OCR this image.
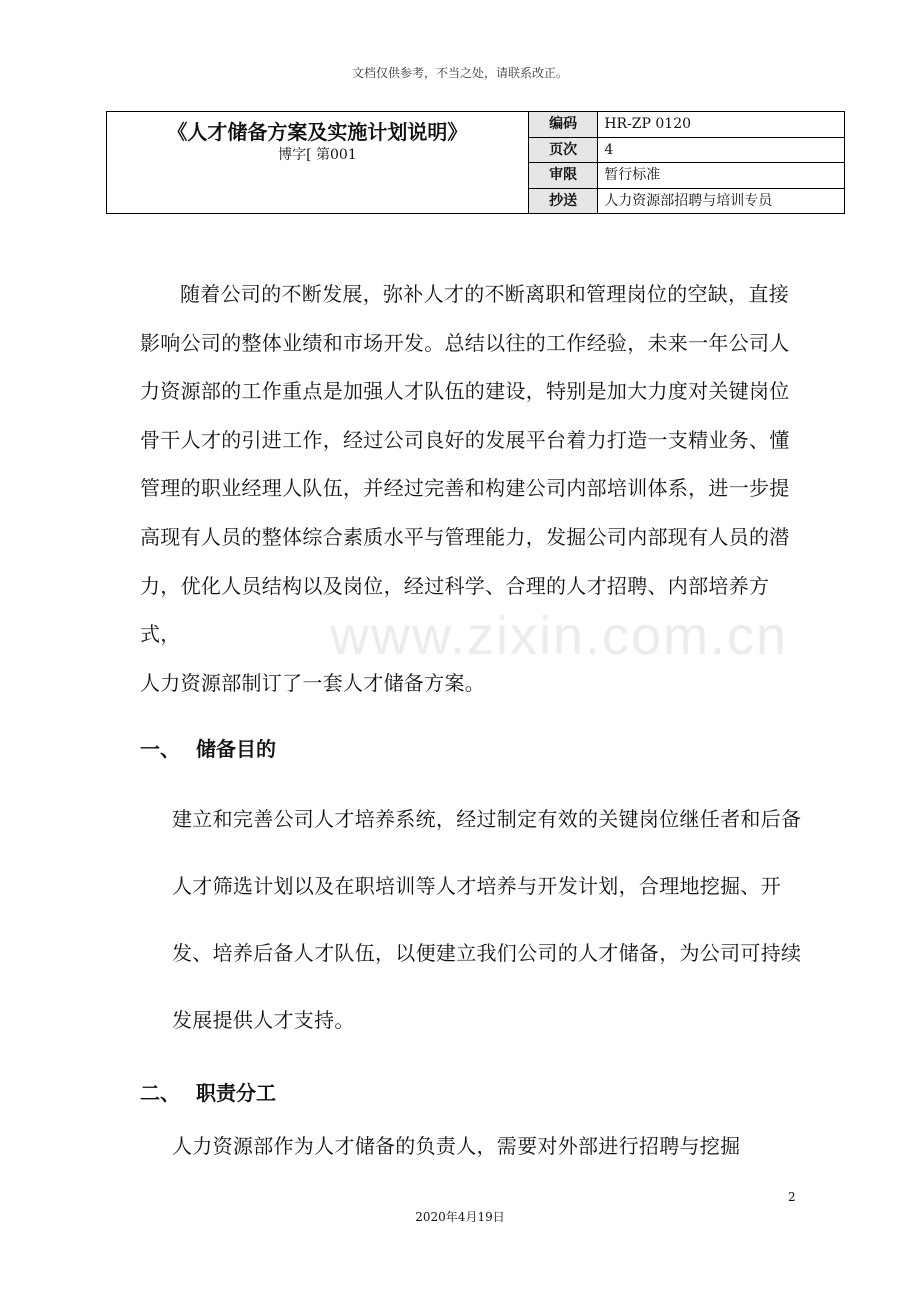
文档仅供参考，不当之处，请联系改正。
《人才储备方案及实施计划说明》
博字[ 第001	编码	HR-ZP 0120
	页次	4
	审限	暂行标准
	抄送	人力资源部招聘与培训专员
www.zixin.com.cn

随着公司的不断发展，弥补人才的不断离职和管理岗位的空缺，直接影响公司的整体业绩和市场开发。总结以往的工作经验，未来一年公司人力资源部的工作重点是加强人才队伍的建设，特别是加大力度对关键岗位骨干人才的引进工作，经过公司良好的发展平台着力打造一支精业务、懂管理的职业经理人队伍，并经过完善和构建公司内部培训体系，进一步提高现有人员的整体综合素质水平与管理能力，发掘公司内部现有人员的潜力，优化人员结构以及岗位，经过科学、合理的人才招聘、内部培养方式，

人力资源部制订了一套人才储备方案。
一、 储备目的
建立和完善公司人才培养系统，经过制定有效的关键岗位继任者和后备人才筛选计划以及在职培训等人才培养与开发计划，合理地挖掘、开发、培养后备人才队伍，以便建立我们公司的人才储备，为公司可持续发展提供人才支持。
二、 职责分工
人力资源部作为人才储备的负责人，需要对外部进行招聘与挖掘
2
2020年4月19日
